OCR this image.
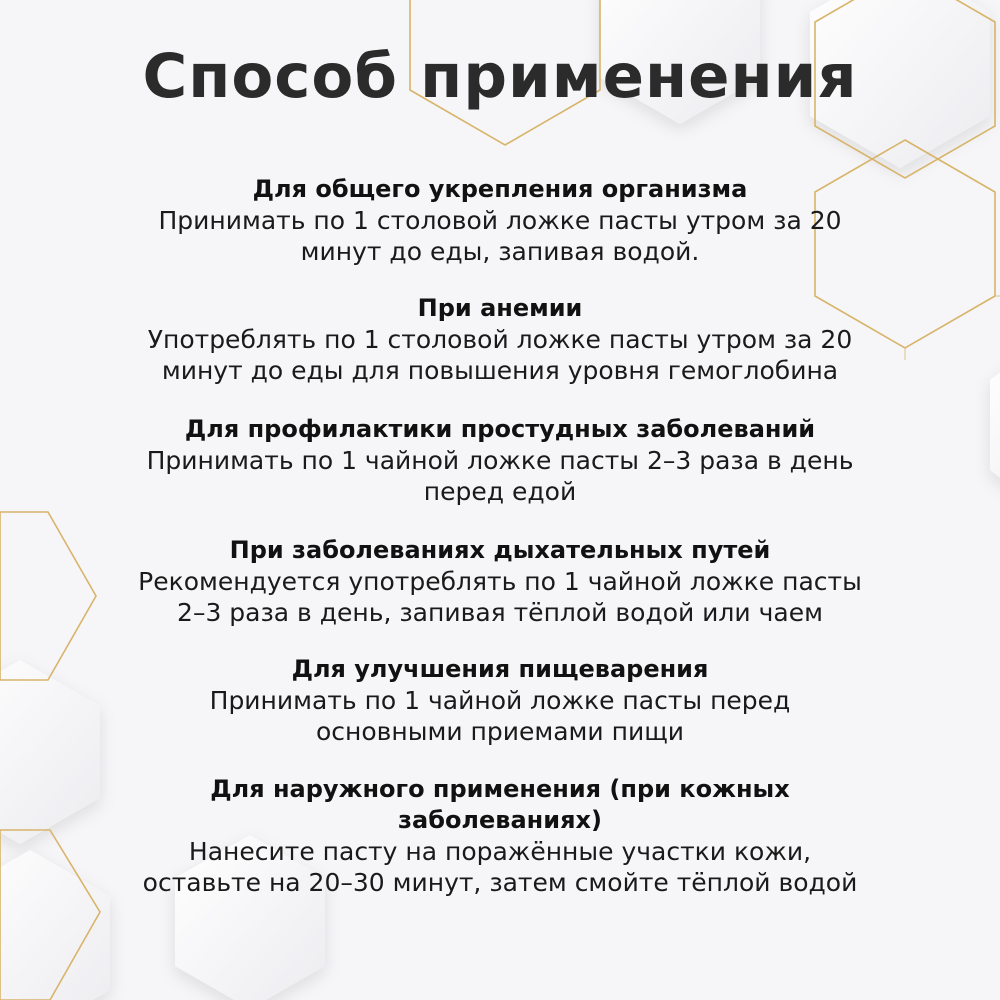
Способ применения
Для общего укрепления организма
Принимать по 1 столовой ложке пасты утром за 20
минут до еды, запивая водой.
При анемии
Употреблять по 1 столовой ложке пасты утром за 20
минут до еды для повышения уровня гемоглобина
Для профилактики простудных заболеваний
Принимать по 1 чайной ложке пасты 2–3 раза в день
перед едой
При заболеваниях дыхательных путей
Рекомендуется употреблять по 1 чайной ложке пасты
2–3 раза в день, запивая тёплой водой или чаем
Для улучшения пищеварения
Принимать по 1 чайной ложке пасты перед
основными приемами пищи
Для наружного применения (при кожных
заболеваниях)
Нанесите пасту на поражённые участки кожи,
оставьте на 20–30 минут, затем смойте тёплой водой
